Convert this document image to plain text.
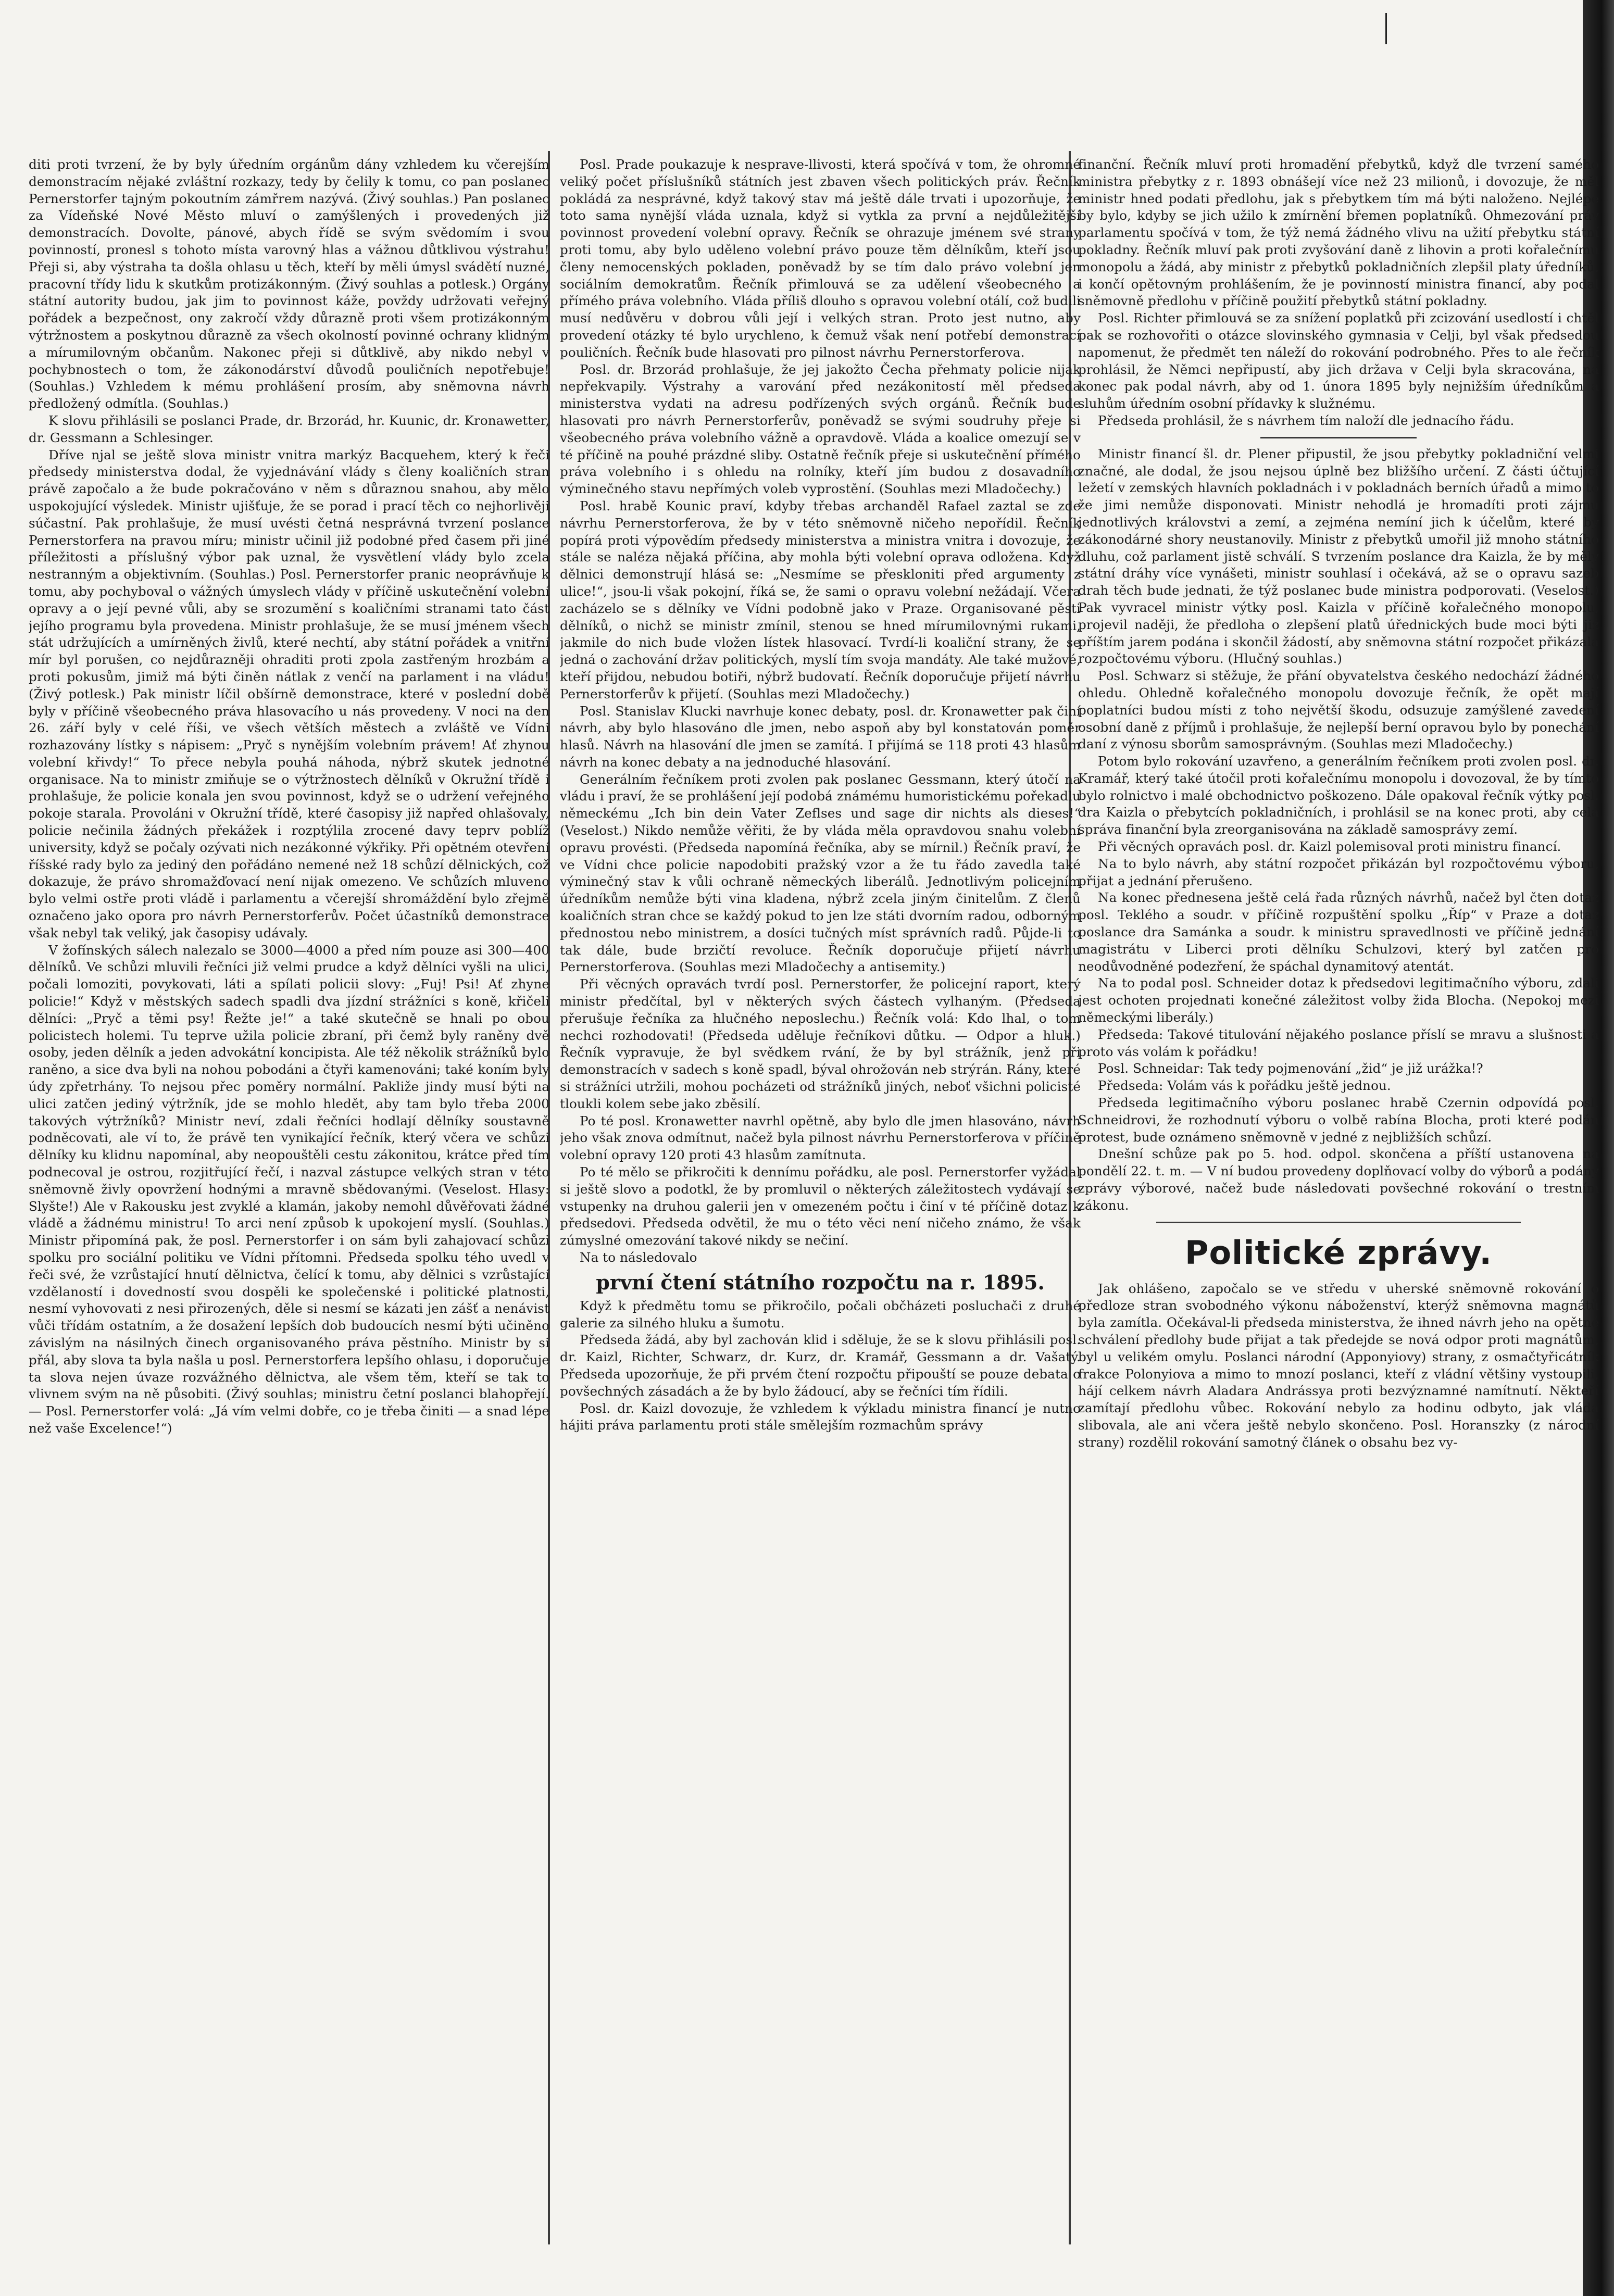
diti proti tvrzení, že by byly úředním orgánům dány vzhledem ku včerejším demonstracím nějaké zvláštní rozkazy, tedy by čelily k tomu, co pan poslanec Pernerstorfer tajným pokoutním zámřrem nazývá. (Živý souhlas.) Pan poslanec za Vídeňské Nové Město mluví o zamýšlených i provedených již demonstracích. Dovolte, pánové, abych řídě se svým svědomím i svou povinností, pronesl s tohoto místa varovný hlas a vážnou důtklivou výstrahu! Přeji si, aby výstraha ta došla ohlasu u těch, kteří by měli úmysl svádětí nuzné, pracovní třídy lidu k skutkům protizákonným. (Živý souhlas a potlesk.) Orgány státní autority budou, jak jim to povinnost káže, povždy udržovati veřejný pořádek a bezpečnost, ony zakročí vždy důrazně proti všem protizákonným výtržnostem a poskytnou důrazně za všech okolností povinné ochrany klidným a mírumilovným občanům. Nakonec přeji si důtklivě, aby nikdo nebyl v pochybnostech o tom, že zákonodárství důvodů pouličních nepotřebuje! (Souhlas.) Vzhledem k mému prohlášení prosím, aby sněmovna návrh předložený odmítla. (Souhlas.)

K slovu přihlásili se poslanci Prade, dr. Brzorád, hr. Kuunic, dr. Kronawetter, dr. Gessmann a Schlesinger.

Dříve njal se ještě slova ministr vnitra markýz Bacquehem, který k řeči předsedy ministerstva dodal, že vyjednávání vlády s členy koaličních stran právě započalo a že bude pokračováno v něm s důraznou snahou, aby mělo uspokojující výsledek. Ministr ujišťuje, že se porad i prací těch co nejhorlivěji súčastní. Pak prohlašuje, že musí uvésti četná nesprávná tvrzení poslance Pernerstorfera na pravou míru; ministr učinil již podobné před časem při jiné příležitosti a příslušný výbor pak uznal, že vysvětlení vlády bylo zcela nestranným a objektivním. (Souhlas.) Posl. Pernerstorfer pranic neoprávňuje k tomu, aby pochyboval o vážných úmyslech vlády v příčině uskutečnění volební opravy a o její pevné vůli, aby se srozumění s koaličními stranami tato část jejího programu byla provedena. Ministr prohlašuje, že se musí jménem všech stát udržujících a umírněných živlů, které nechtí, aby státní pořádek a vnitřní mír byl porušen, co nejdůrazněji ohraditi proti zpola zastřeným hrozbám a proti pokusům, jimiž má býti činěn nátlak z venčí na parlament i na vládu! (Živý potlesk.) Pak ministr líčil obšírně demonstrace, které v poslední době byly v příčině všeobecného práva hlasovacího u nás provedeny. V noci na den 26. září byly v celé říši, ve všech větších městech a zvláště ve Vídni rozhazovány lístky s nápisem: „Pryč s nynějším volebním právem! Ať zhynou volební křivdy!“ To přece nebyla pouhá náhoda, nýbrž skutek jednotné organisace. Na to ministr zmiňuje se o výtržnostech dělníků v Okružní třídě i prohlašuje, že policie konala jen svou povinnost, když se o udržení veřejného pokoje starala. Provoláni v Okružní třídě, které časopisy již napřed ohlašovaly, policie nečinila žádných překážek i rozptýlila zrocené davy teprv poblíž university, když se počaly ozývati nich nezákonné výkřiky. Při opětném otevření říšské rady bylo za jediný den pořádáno nemené než 18 schůzí dělnických, což dokazuje, že právo shromažďovací není nijak omezeno. Ve schůzích mluveno bylo velmi ostře proti vládě i parlamentu a včerejší shromáždění bylo zřejmě označeno jako opora pro návrh Pernerstorferův. Počet účastníků demonstrace však nebyl tak veliký, jak časopisy udávaly.

V žofínských sálech nalezalo se 3000—4000 a před ním pouze asi 300—400 dělníků. Ve schůzi mluvili řečníci již velmi prudce a když dělníci vyšli na ulici, počali lomoziti, povykovati, láti a spílati policii slovy: „Fuj! Psi! Ať zhyne policie!“ Když v městských sadech spadli dva jízdní strážníci s koně, křičeli dělníci: „Pryč a těmi psy! Řežte je!“ a také skutečně se hnali po obou policistech holemi. Tu teprve užila policie zbraní, při čemž byly raněny dvě osoby, jeden dělník a jeden advokátní koncipista. Ale též několik strážníků bylo raněno, a sice dva byli na nohou pobodáni a čtyři kamenováni; také koním byly údy zpřetrhány. To nejsou přec poměry normální. Pakliže jindy musí býti na ulici zatčen jediný výtržník, jde se mohlo hledět, aby tam bylo třeba 2000 takových výtržníků? Ministr neví, zdali řečníci hodlají dělníky soustavně podněcovati, ale ví to, že právě ten vynikající řečník, který včera ve schůzi dělníky ku klidnu napomínal, aby neopouštěli cestu zákonitou, krátce před tím podnecoval je ostrou, rozjitřující řečí, i nazval zástupce velkých stran v této sněmovně živly opovržení hodnými a mravně sbědovanými. (Veselost. Hlasy: Slyšte!) Ale v Rakousku jest zvyklé a klamán, jakoby nemohl důvěřovati žádné vládě a žádnému ministru! To arci není způsob k upokojení myslí. (Souhlas.) Ministr připomíná pak, že posl. Pernerstorfer i on sám byli zahajovací schůzi spolku pro sociální politiku ve Vídni přítomni. Předseda spolku tého uvedl v řeči své, že vzrůstající hnutí dělnictva, čelící k tomu, aby dělnici s vzrůstající vzdělaností i dovedností svou dospěli ke společenské i politické platnosti, nesmí vyhovovati z nesi přirozených, děle si nesmí se kázati jen zášť a nenávist vůči třídám ostatním, a že dosažení lepších dob budoucích nesmí býti učiněno závislým na násilných činech organisovaného práva pěstního. Ministr by si přál, aby slova ta byla našla u posl. Pernerstorfera lepšího ohlasu, i doporučuje ta slova nejen úvaze rozvážného dělnictva, ale všem těm, kteří se tak to vlivnem svým na ně působiti. (Živý souhlas; ministru četní poslanci blahopřejí. — Posl. Pernerstorfer volá: „Já vím velmi dobře, co je třeba činiti — a snad lépe než vaše Excelence!“)

Posl. Prade poukazuje k nesprave-llivosti, která spočívá v tom, že ohromné veliký počet příslušníků státních jest zbaven všech politických práv. Řečník pokládá za nesprávné, když takový stav má ještě dále trvati i upozorňuje, že toto sama nynější vláda uznala, když si vytkla za první a nejdůležitější povinnost provedení volební opravy. Řečník se ohrazuje jménem své strany proti tomu, aby bylo uděleno volební právo pouze těm dělníkům, kteří jsou členy nemocenských pokladen, poněvadž by se tím dalo právo volební jen sociálním demokratům. Řečník přimlouvá se za udělení všeobecného a přímého práva volebního. Vláda příliš dlouho s opravou volební otálí, což budili musí nedůvěru v dobrou vůli její i velkých stran. Proto jest nutno, aby provedení otázky té bylo urychleno, k čemuž však není potřebí demonstrací pouličních. Řečník bude hlasovati pro pilnost návrhu Pernerstorferova.

Posl. dr. Brzorád prohlašuje, že jej jakožto Čecha přehmaty policie nijak nepřekvapily. Výstrahy a varování před nezákonitostí měl předseda ministerstva vydati na adresu podřízených svých orgánů. Řečník bude hlasovati pro návrh Pernerstorferův, poněvadž se svými soudruhy přeje si všeobecného práva volebního vážně a opravdově. Vláda a koalice omezují se v té příčině na pouhé prázdné sliby. Ostatně řečník přeje si uskutečnění přímého práva volebního i s ohledu na rolníky, kteří jím budou z dosavadního výminečného stavu nepřímých voleb vyprostění. (Souhlas mezi Mladočechy.)

Posl. hrabě Kounic praví, kdyby třebas archanděl Rafael zaztal se zde návrhu Pernerstorferova, že by v této sněmovně ničeho nepořídil. Řečník popírá proti výpovědím předsedy ministerstva a ministra vnitra i dovozuje, že stále se naléza nějaká příčina, aby mohla býti volební oprava odložena. Když dělnici demonstrují hlásá se: „Nesmíme se přeskloniti před argumenty z ulice!“, jsou-li však pokojní, říká se, že sami o opravu volební nežádají. Včera zacházelo se s dělníky ve Vídni podobně jako v Praze. Organisované pěsti dělníků, o nichž se ministr zmínil, stenou se hned mírumilovnými rukami, jakmile do nich bude vložen lístek hlasovací. Tvrdí-li koaliční strany, že se jedná o zachování držav politických, myslí tím svoja mandáty. Ale také mužové, kteří přijdou, nebudou botiři, nýbrž budovatí. Řečník doporučuje přijetí návrhu Pernerstorferův k přijetí. (Souhlas mezi Mladočechy.)

Posl. Stanislav Klucki navrhuje konec debaty, posl. dr. Kronawetter pak činí návrh, aby bylo hlasováno dle jmen, nebo aspoň aby byl konstatován poměr hlasů. Návrh na hlasování dle jmen se zamítá. I přijímá se 118 proti 43 hlasům návrh na konec debaty a na jednoduché hlasování.

Generálním řečníkem proti zvolen pak poslanec Gessmann, který útočí na vládu i praví, že se prohlášení její podobá známému humoristickému pořekadlu německému „Ich bin dein Vater Zeflses und sage dir nichts als dieses!“ (Veselost.) Nikdo nemůže věřiti, že by vláda měla opravdovou snahu volební opravu provésti. (Předseda napomíná řečníka, aby se mírnil.) Řečník praví, že ve Vídni chce policie napodobiti pražský vzor a že tu řádo zavedla také výminečný stav k vůli ochraně německých liberálů. Jednotlivým policejním úředníkům nemůže býti vina kladena, nýbrž zcela jiným činitelům. Z členů koaličních stran chce se každý pokud to jen lze státi dvorním radou, odborným přednostou nebo ministrem, a dosíci tučných míst správních radů. Půjde-li to tak dále, bude brzičtí revoluce. Řečník doporučuje přijetí návrhu Pernerstorferova. (Souhlas mezi Mladočechy a antisemity.)

Při věcných opravách tvrdí posl. Pernerstorfer, že policejní raport, který ministr předčítal, byl v některých svých částech vylhaným. (Předseda přerušuje řečníka za hlučného neposlechu.) Řečník volá: Kdo lhal, o tom nechci rozhodovati! (Předseda uděluje řečníkovi důtku. — Odpor a hluk.) Řečník vypravuje, že byl svědkem rvání, že by byl strážník, jenž při demonstracích v sadech s koně spadl, býval ohrožován neb strýrán. Rány, které si strážníci utržili, mohou pocházeti od strážníků jiných, neboť všichni policisté tloukli kolem sebe jako zběsilí.

Po té posl. Kronawetter navrhl opětně, aby bylo dle jmen hlasováno, návrh jeho však znova odmítnut, načež byla pilnost návrhu Pernerstorferova v příčině volební opravy 120 proti 43 hlasům zamítnuta.

Po té mělo se přikročiti k dennímu pořádku, ale posl. Pernerstorfer vyžádal si ještě slovo a podotkl, že by promluvil o některých záležitostech vydávají se vstupenky na druhou galerii jen v omezeném počtu i činí v té příčině dotaz k předsedovi. Předseda odvětil, že mu o této věci není ničeho známo, že však zúmyslné omezování takové nikdy se nečiní.

Na to následovalo

první čtení státního rozpočtu na r. 1895.

Když k předmětu tomu se přikročilo, počali občházeti posluchači z druhé galerie za silného hluku a šumotu.

Předseda žádá, aby byl zachován klid i sděluje, že se k slovu přihlásili posl. dr. Kaizl, Richter, Schwarz, dr. Kurz, dr. Kramář, Gessmann a dr. Vašatý. Předseda upozorňuje, že při prvém čtení rozpočtu připouští se pouze debata o povšechných zásadách a že by bylo žádoucí, aby se řečníci tím řídili.

Posl. dr. Kaizl dovozuje, že vzhledem k výkladu ministra financí je nutno hájiti práva parlamentu proti stále smělejším rozmachům správy

finanční. Řečník mluví proti hromadění přebytků, když dle tvrzení samého ministra přebytky z r. 1893 obnášejí více než 23 milionů, i dovozuje, že měl ministr hned podati předlohu, jak s přebytkem tím má býti naloženo. Nejlépe by bylo, kdyby se jich užilo k zmírnění břemen poplatníků. Ohmezování práv parlamentu spočívá v tom, že týž nemá žádného vlivu na užití přebytku státní pokladny. Řečník mluví pak proti zvyšování daně z lihovin a proti kořalečnímu monopolu a žádá, aby ministr z přebytků pokladničních zlepšil platy úředníků, i končí opětovným prohlášením, že je povinností ministra financí, aby podal sněmovně předlohu v příčině použití přebytků státní pokladny.

Posl. Richter přimlouvá se za snížení poplatků při zcizování usedlostí i chtěl pak se rozhovořiti o otázce slovinského gymnasia v Celji, byl však předsedou napomenut, že předmět ten náleží do rokování podrobného. Přes to ale řečník prohlásil, že Němci nepřipustí, aby jich država v Celji byla skracována, na konec pak podal návrh, aby od 1. února 1895 byly nejnižším úředníkům a sluhům úředním osobní přídavky k služnému.

Předseda prohlásil, že s návrhem tím naloží dle jednacího řádu.

Ministr financí šl. dr. Plener připustil, že jsou přebytky pokladniční velmi značné, ale dodal, že jsou nejsou úplně bez bližšího určení. Z části účtující ležetí v zemských hlavních pokladnách i v pokladnách berních úřadů a mimo to že jimi nemůže disponovati. Ministr nehodlá je hromadíti proti zájmu jednotlivých královstvi a zemí, a zejména nemíní jich k účelům, které by zákonodárné shory neustanovily. Ministr z přebytků umořil již mnoho státního dluhu, což parlament jistě schválí. S tvrzením poslance dra Kaizla, že by měly státní dráhy více vynášeti, ministr souhlasí i očekává, až se o opravu sazeb drah těch bude jednati, že týž poslanec bude ministra podporovati. (Veselost.) Pak vyvracel ministr výtky posl. Kaizla v příčině kořalečného monopolu, projevil naději, že předloha o zlepšení platů úřednických bude moci býti již příštím jarem podána i skončil žádostí, aby sněmovna státní rozpočet přikázala rozpočtovému výboru. (Hlučný souhlas.)

Posl. Schwarz si stěžuje, že přání obyvatelstva českého nedochází žádného ohledu. Ohledně kořalečného monopolu dovozuje řečník, že opět mají poplatníci budou místi z toho největší škodu, odsuzuje zamýšlené zavedení osobní daně z příjmů i prohlašuje, že nejlepší berní opravou bylo by ponechání daní z výnosu sborům samosprávným. (Souhlas mezi Mladočechy.)

Potom bylo rokování uzavřeno, a generálním řečníkem proti zvolen posl. dr. Kramář, který také útočil proti kořalečnímu monopolu i dovozoval, že by tímto bylo rolnictvo i malé obchodnictvo poškozeno. Dále opakoval řečník výtky posl. dra Kaizla o přebytcích pokladničních, i prohlásil se na konec proti, aby celá správa finanční byla zreorganisována na základě samosprávy zemí.

Při věcných opravách posl. dr. Kaizl polemisoval proti ministru financí.

Na to bylo návrh, aby státní rozpočet přikázán byl rozpočtovému výboru, přijat a jednání přerušeno.

Na konec přednesena ještě celá řada různých návrhů, načež byl čten dotaz posl. Teklého a soudr. v příčině rozpuštění spolku „Říp“ v Praze a dotaz poslance dra Samánka a soudr. k ministru spravedlnosti ve příčině jednání magistrátu v Liberci proti dělníku Schulzovi, který byl zatčen pro neodůvodněné podezření, že spáchal dynamitový atentát.

Na to podal posl. Schneider dotaz k předsedovi legitimačního výboru, zdali jest ochoten projednati konečné záležitost volby žida Blocha. (Nepokoj mezi německými liberály.)

Předseda: Takové titulování nějakého poslance příslí se mravu a slušnosti a proto vás volám k pořádku!

Posl. Schneidar: Tak tedy pojmenování „žid“ je již urážka!?

Předseda: Volám vás k pořádku ještě jednou.

Předseda legitimačního výboru poslanec hrabě Czernin odpovídá posl. Schneidrovi, že rozhodnutí výboru o volbě rabína Blocha, proti které podán protest, bude oznámeno sněmovně v jedné z nejbližších schůzí.

Dnešní schůze pak po 5. hod. odpol. skončena a příští ustanovena na pondělí 22. t. m. — V ní budou provedeny doplňovací volby do výborů a podány zprávy výborové, načež bude následovati povšechné rokování o trestním zákonu.

Politické zprávy.

Jak ohlášeno, započalo se ve středu v uherské sněmovně rokování o předloze stran svobodného výkonu náboženství, kterýž sněmovna magnátů byla zamítla. Očekával-li předseda ministerstva, že ihned návrh jeho na opětné schválení předlohy bude přijat a tak předejde se nová odpor proti magnátům, byl u velikém omylu. Poslanci národní (Apponyiovy) strany, z osmačtyřicátník frakce Polonyiova a mimo to mnozí poslanci, kteří z vládní většiny vystoupili, hájí celkem návrh Aladara Andrássya proti bezvýznamné namítnutí. Někteří zamítají předlohu vůbec. Rokování nebylo za hodinu odbyto, jak vláda slibovala, ale ani včera ještě nebylo skončeno. Posl. Horanszky (z národní strany) rozdělil rokování samotný článek o obsahu bez vy-
